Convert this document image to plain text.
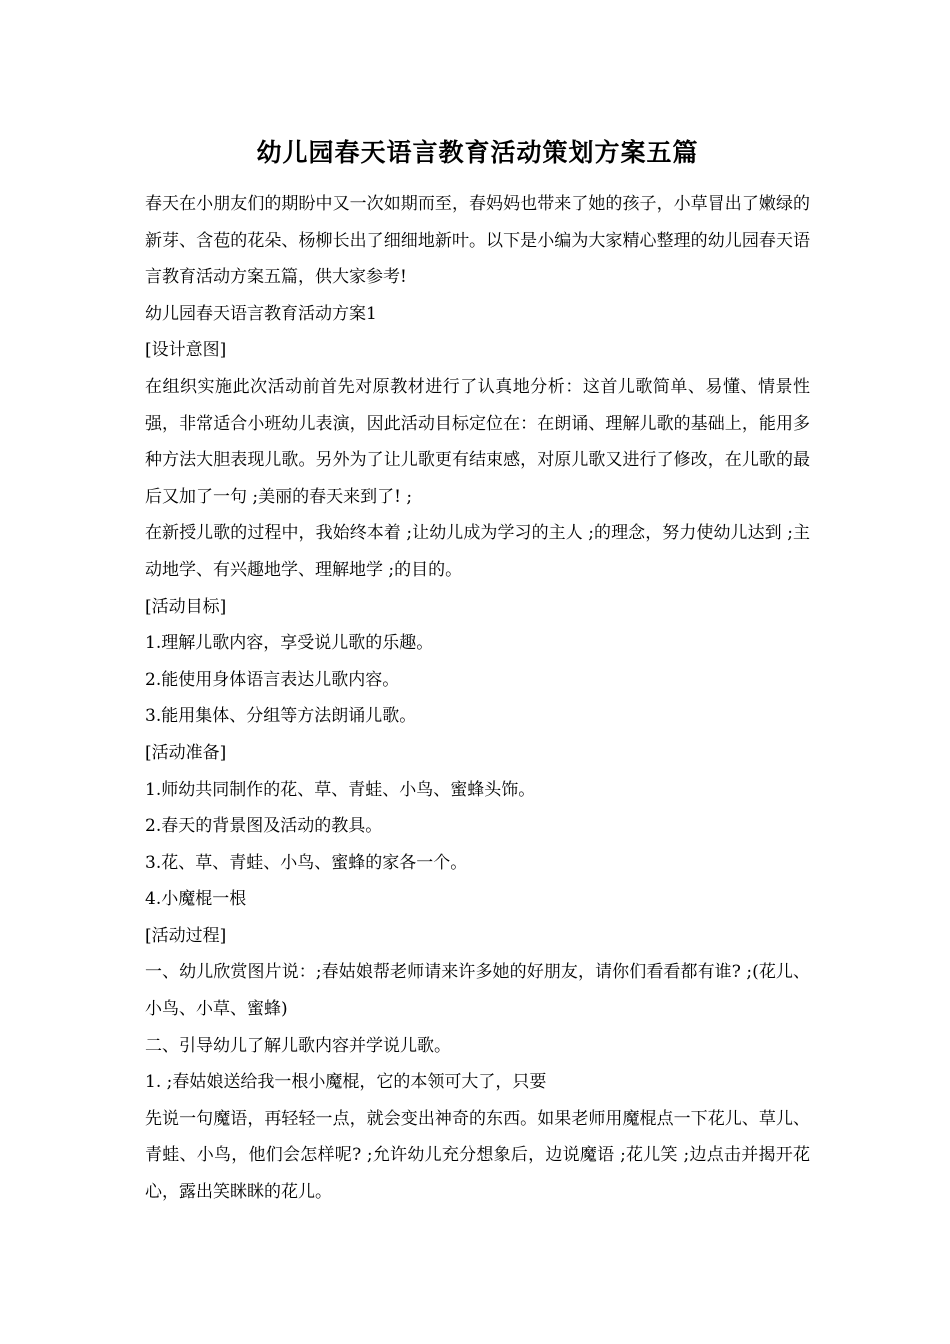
幼儿园春天语言教育活动策划方案五篇

春天在小朋友们的期盼中又一次如期而至，春妈妈也带来了她的孩子，小草冒出了嫩绿的新芽、含苞的花朵、杨柳长出了细细地新叶。以下是小编为大家精心整理的幼儿园春天语言教育活动方案五篇，供大家参考!

幼儿园春天语言教育活动方案1

[设计意图]

在组织实施此次活动前首先对原教材进行了认真地分析：这首儿歌简单、易懂、情景性强，非常适合小班幼儿表演，因此活动目标定位在：在朗诵、理解儿歌的基础上，能用多种方法大胆表现儿歌。另外为了让儿歌更有结束感，对原儿歌又进行了修改，在儿歌的最后又加了一句 ;美丽的春天来到了! ;

在新授儿歌的过程中，我始终本着 ;让幼儿成为学习的主人 ;的理念，努力使幼儿达到 ;主动地学、有兴趣地学、理解地学 ;的目的。

[活动目标]

1.理解儿歌内容，享受说儿歌的乐趣。

2.能使用身体语言表达儿歌内容。

3.能用集体、分组等方法朗诵儿歌。

[活动准备]

1.师幼共同制作的花、草、青蛙、小鸟、蜜蜂头饰。

2.春天的背景图及活动的教具。

3.花、草、青蛙、小鸟、蜜蜂的家各一个。

4.小魔棍一根

[活动过程]

一、幼儿欣赏图片说：;春姑娘帮老师请来许多她的好朋友，请你们看看都有谁? ;(花儿、小鸟、小草、蜜蜂)

二、引导幼儿了解儿歌内容并学说儿歌。

1. ;春姑娘送给我一根小魔棍，它的本领可大了，只要

先说一句魔语，再轻轻一点，就会变出神奇的东西。如果老师用魔棍点一下花儿、草儿、青蛙、小鸟，他们会怎样呢? ;允许幼儿充分想象后，边说魔语 ;花儿笑 ;边点击并揭开花心，露出笑眯眯的花儿。
